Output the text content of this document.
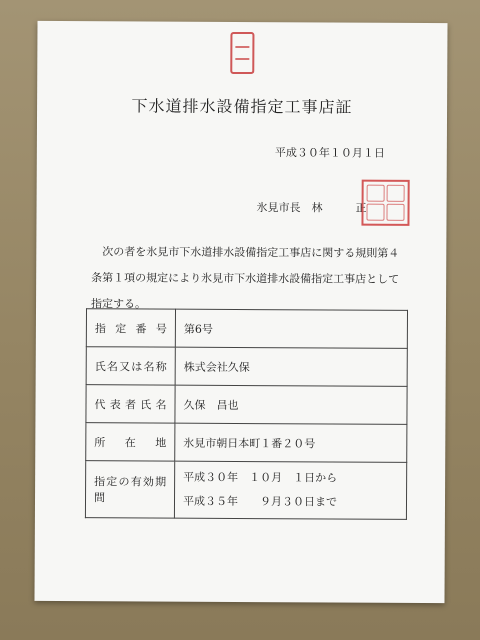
下水道排水設備指定工事店証
平成３０年１０月１日
氷見市長　林　　　正
次の者を氷見市下水道排水設備指定工事店に関する規則第４条第１項の規定により氷見市下水道排水設備指定工事店として指定する。
指定番号	第6号
氏名又は名称	株式会社久保
代表者氏名	久保　昌也
所在地	氷見市朝日本町１番２０号
指定の有効期間	平成３０年　１０月　１日から
平成３５年　　９月３０日まで
